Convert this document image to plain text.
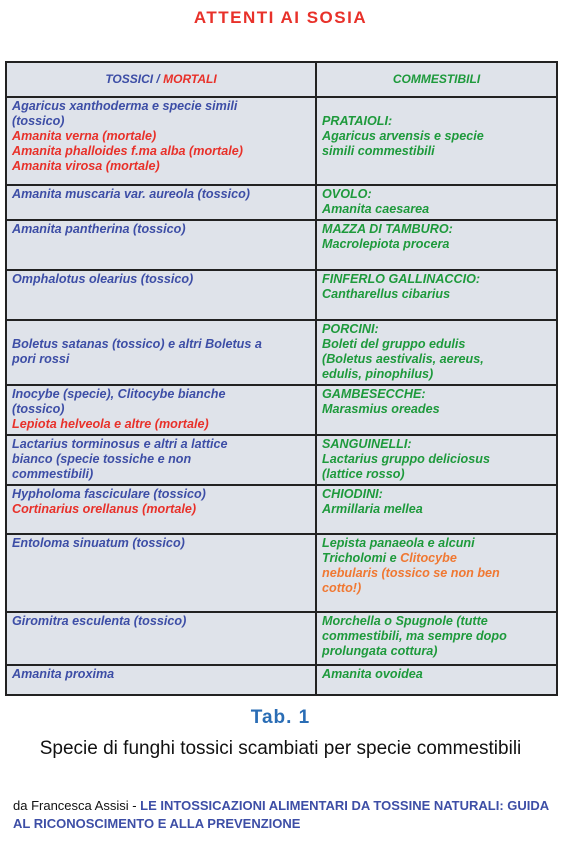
ATTENTI AI SOSIA
TOSSICI / MORTALI	COMMESTIBILI

Agaricus xanthoderma e specie simili
(tossico)
Amanita verna (mortale)
Amanita phalloides f.ma alba (mortale)
Amanita virosa (mortale)	PRATAIOLI:
Agaricus arvensis e specie
simili commestibili

Amanita muscaria var. aureola (tossico)	OVOLO:
Amanita caesarea

Amanita pantherina (tossico)	MAZZA DI TAMBURO:
Macrolepiota procera

Omphalotus olearius (tossico)	FINFERLO GALLINACCIO:
Cantharellus cibarius

Boletus satanas (tossico) e altri Boletus a
pori rossi	PORCINI:
Boleti del gruppo edulis
(Boletus aestivalis, aereus,
edulis, pinophilus)

Inocybe (specie), Clitocybe bianche
(tossico)
Lepiota helveola e altre (mortale)	GAMBESECCHE:
Marasmius oreades

Lactarius torminosus e altri a lattice
bianco (specie tossiche e non
commestibili)	SANGUINELLI:
Lactarius gruppo deliciosus
(lattice rosso)

Hypholoma fasciculare (tossico)
Cortinarius orellanus (mortale)	CHIODINI:
Armillaria mellea

Entoloma sinuatum (tossico)	Lepista panaeola e alcuni
Tricholomi e Clitocybe
nebularis (tossico se non ben
cotto!)

Giromitra esculenta (tossico)	Morchella o Spugnole (tutte
commestibili, ma sempre dopo
prolungata cottura)

Amanita proxima	Amanita ovoidea
Tab. 1
Specie di funghi tossici scambiati per specie commestibili
da Francesca Assisi - LE INTOSSICAZIONI ALIMENTARI DA TOSSINE NATURALI: GUIDA AL RICONOSCIMENTO E ALLA PREVENZIONE
